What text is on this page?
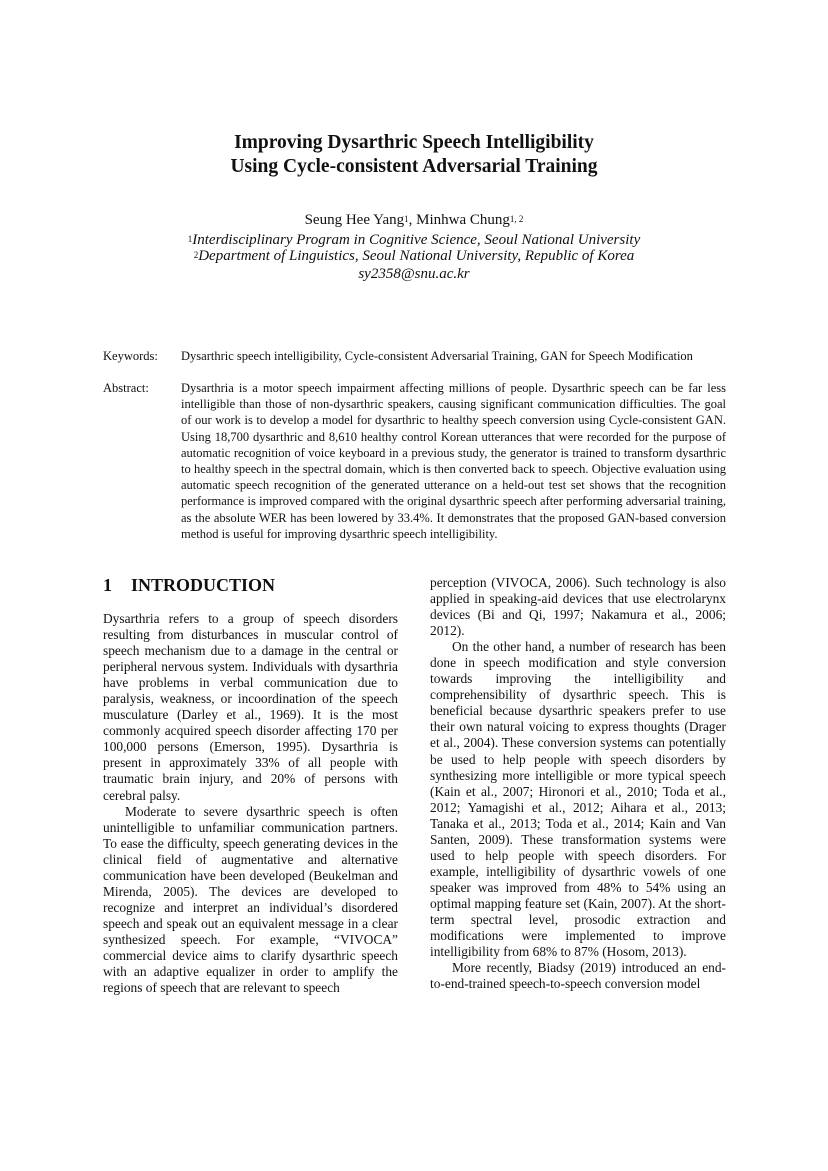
Improving Dysarthric Speech Intelligibility
Using Cycle-consistent Adversarial Training
Seung Hee Yang$^1$, Minhwa Chung$^{1, 2}$
$^1$Interdisciplinary Program in Cognitive Science, Seoul National University
$^2$Department of Linguistics, Seoul National University, Republic of Korea
sy2358@snu.ac.kr
Keywords: Dysarthric speech intelligibility, Cycle-consistent Adversarial Training, GAN for Speech Modification
Abstract:	Dysarthria is a motor speech impairment affecting millions of people. Dysarthric speech can be far less intelligible than those of non-dysarthric speakers, causing significant communication difficulties. The goal of our work is to develop a model for dysarthric to healthy speech conversion using Cycle-consistent GAN. Using 18,700 dysarthric and 8,610 healthy control Korean utterances that were recorded for the purpose of automatic recognition of voice keyboard in a previous study, the generator is trained to transform dysarthric to healthy speech in the spectral domain, which is then converted back to speech. Objective evaluation using automatic speech recognition of the generated utterance on a held-out test set shows that the recognition performance is improved compared with the original dysarthric speech after performing adversarial training, as the absolute WER has been lowered by 33.4%. It demonstrates that the proposed GAN-based conversion method is useful for improving dysarthric speech intelligibility.
1 INTRODUCTION

Dysarthria refers to a group of speech disorders resulting from disturbances in muscular control of speech mechanism due to a damage in the central or peripheral nervous system. Individuals with dysarthria have problems in verbal communication due to paralysis, weakness, or incoordination of the speech musculature (Darley et al., 1969). It is the most commonly acquired speech disorder affecting 170 per 100,000 persons (Emerson, 1995). Dysarthria is present in approximately 33% of all people with traumatic brain injury, and 20% of persons with cerebral palsy.

Moderate to severe dysarthric speech is often unintelligible to unfamiliar communication partners. To ease the difficulty, speech generating devices in the clinical field of augmentative and alternative communication have been developed (Beukelman and Mirenda, 2005). The devices are developed to recognize and interpret an individual’s disordered speech and speak out an equivalent message in a clear synthesized speech. For example, “VIVOCA” commercial device aims to clarify dysarthric speech with an adaptive equalizer in order to amplify the regions of speech that are relevant to speech

perception (VIVOCA, 2006). Such technology is also applied in speaking-aid devices that use electrolarynx devices (Bi and Qi, 1997; Nakamura et al., 2006; 2012).

On the other hand, a number of research has been done in speech modification and style conversion towards improving the intelligibility and comprehensibility of dysarthric speech. This is beneficial because dysarthric speakers prefer to use their own natural voicing to express thoughts (Drager et al., 2004). These conversion systems can potentially be used to help people with speech disorders by synthesizing more intelligible or more typical speech (Kain et al., 2007; Hironori et al., 2010; Toda et al., 2012; Yamagishi et al., 2012; Aihara et al., 2013; Tanaka et al., 2013; Toda et al., 2014; Kain and Van Santen, 2009). These transformation systems were used to help people with speech disorders. For example, intelligibility of dysarthric vowels of one speaker was improved from 48% to 54% using an optimal mapping feature set (Kain, 2007). At the short-term spectral level, prosodic extraction and modifications were implemented to improve intelligibility from 68% to 87% (Hosom, 2013).

More recently, Biadsy (2019) introduced an end-to-end-trained speech-to-speech conversion model
